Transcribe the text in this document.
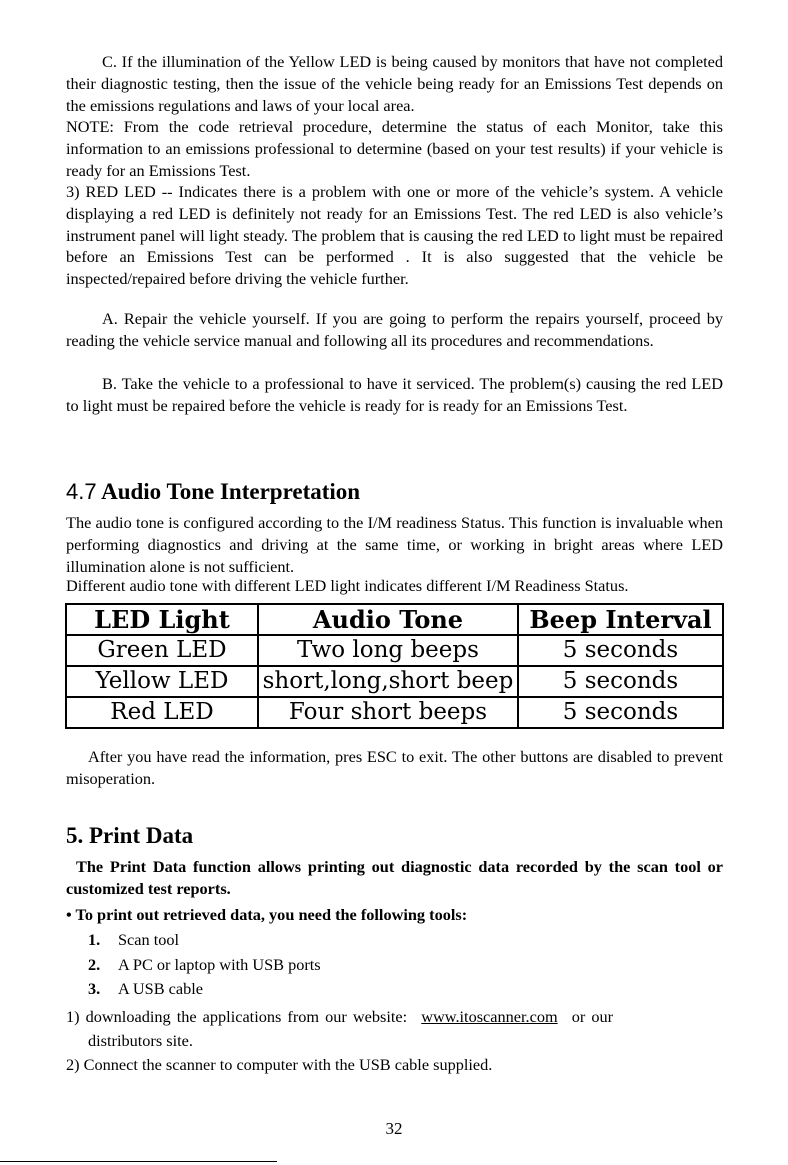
C. If the illumination of the Yellow LED is being caused by monitors that have not completed their diagnostic testing, then the issue of the vehicle being ready for an Emissions Test depends on the emissions regulations and laws of your local area.

NOTE: From the code retrieval procedure, determine the status of each Monitor, take this information to an emissions professional to determine (based on your test results) if your vehicle is ready for an Emissions Test.

3) RED LED -- Indicates there is a problem with one or more of the vehicle’s system. A vehicle displaying a red LED is definitely not ready for an Emissions Test. The red LED is also vehicle’s instrument panel will light steady. The problem that is causing the red LED to light must be repaired before an Emissions Test can be performed . It is also suggested that the vehicle be inspected/repaired before driving the vehicle further.

A. Repair the vehicle yourself. If you are going to perform the repairs yourself, proceed by reading the vehicle service manual and following all its procedures and recommendations.

B. Take the vehicle to a professional to have it serviced. The problem(s) causing the red LED to light must be repaired before the vehicle is ready for is ready for an Emissions Test.

4.7 Audio Tone Interpretation

The audio tone is configured according to the I/M readiness Status. This function is invaluable when performing diagnostics and driving at the same time, or working in bright areas where LED illumination alone is not sufficient.

Different audio tone with different LED light indicates different I/M Readiness Status.

LED Light	Audio Tone	Beep Interval
Green LED	Two long beeps	5 seconds
Yellow LED	short,long,short beep	5 seconds
Red LED	Four short beeps	5 seconds

After you have read the information, pres ESC to exit. The other buttons are disabled to prevent misoperation.

5. Print Data

The Print Data function allows printing out diagnostic data recorded by the scan tool or customized test reports.

• To print out retrieved data, you need the following tools:

1. Scan tool
2. A PC or laptop with USB ports
3. A USB cable

1) downloading the applications from our website: www.itoscanner.com or our

distributors site.

2) Connect the scanner to computer with the USB cable supplied.

32
